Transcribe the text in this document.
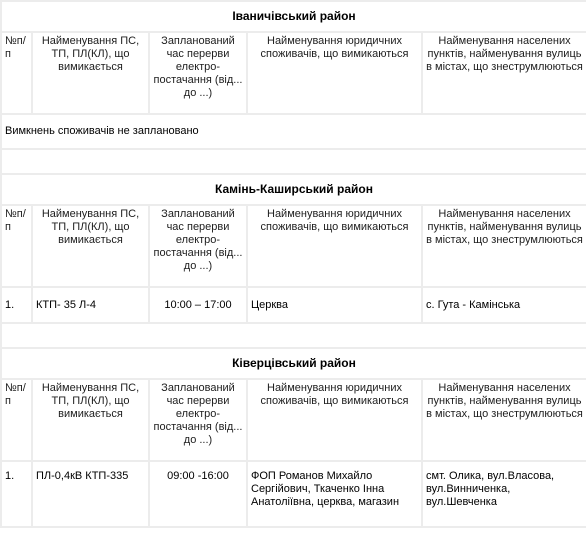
Іваничівський район				
№п/п	Найменування ПС, ТП, ПЛ(КЛ), що вимикається	Запланований час перерви електро-постачання (від... до ...)	Найменування юридичних споживачів, що вимикаються	Найменування населених пунктів, найменування вулиць в містах, що знеструмлюються
Вимкнень споживачів не заплановано				

Камінь-Каширський район				
№п/п	Найменування ПС, ТП, ПЛ(КЛ), що вимикається	Запланований час перерви електро-постачання (від... до ...)	Найменування юридичних споживачів, що вимикаються	Найменування населених пунктів, найменування вулиць в містах, що знеструмлюються
1.	КТП- 35 Л-4	10:00 – 17:00	Церква	с. Гута - Камінська

Ківерцівський район				
№п/п	Найменування ПС, ТП, ПЛ(КЛ), що вимикається	Запланований час перерви електро-постачання (від... до ...)	Найменування юридичних споживачів, що вимикаються	Найменування населених пунктів, найменування вулиць в містах, що знеструмлюються
1.	ПЛ-0,4кВ КТП-335	09:00 -16:00	ФОП Романов Михайло Сергійович, Ткаченко Інна Анатоліївна, церква, магазин	смт. Олика, вул.Власова, вул.Винниченка, вул.Шевченка
